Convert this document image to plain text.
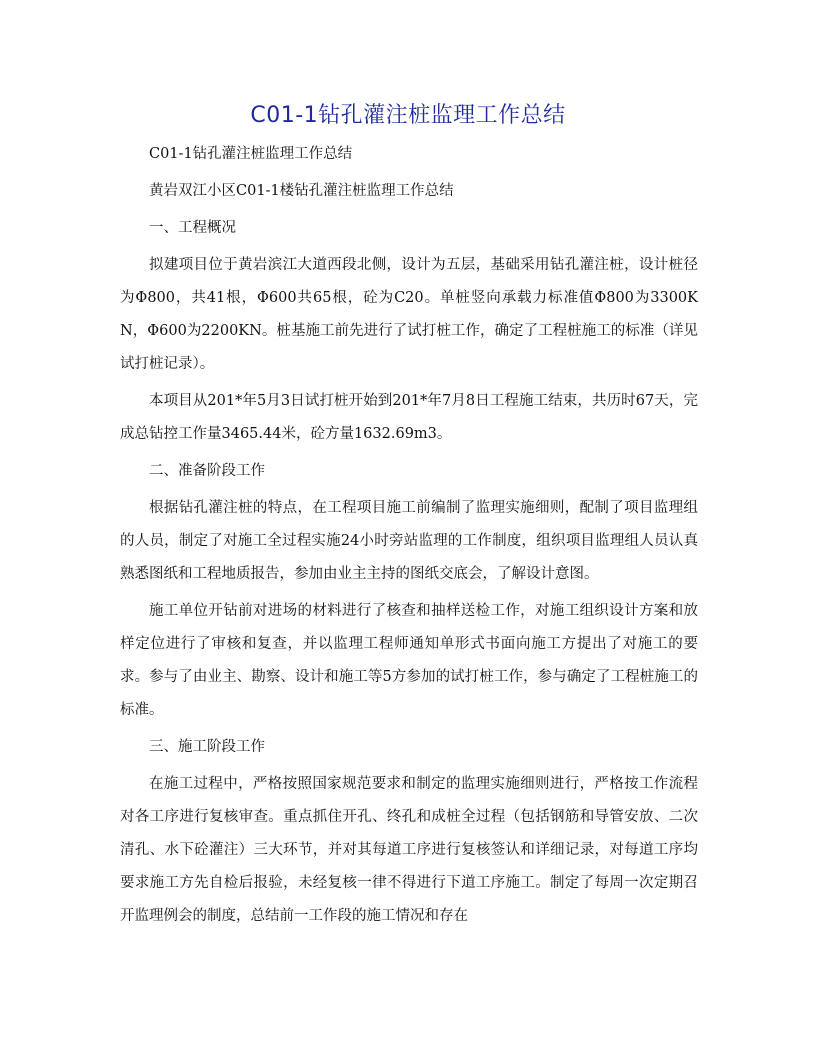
C01-1钻孔灌注桩监理工作总结

C01-1钻孔灌注桩监理工作总结

黄岩双江小区C01-1楼钻孔灌注桩监理工作总结

一、工程概况

拟建项目位于黄岩滨江大道西段北侧，设计为五层，基础采用钻孔灌注桩，设计桩径为Φ800，共41根，Φ600共65根，砼为C20。单桩竖向承载力标准值Φ800为3300KN，Φ600为2200KN。桩基施工前先进行了试打桩工作，确定了工程桩施工的标准（详见试打桩记录）。

本项目从201*年5月3日试打桩开始到201*年7月8日工程施工结束，共历时67天，完成总钻控工作量3465.44米，砼方量1632.69m3。

二、准备阶段工作

根据钻孔灌注桩的特点，在工程项目施工前编制了监理实施细则，配制了项目监理组的人员，制定了对施工全过程实施24小时旁站监理的工作制度，组织项目监理组人员认真熟悉图纸和工程地质报告，参加由业主主持的图纸交底会，了解设计意图。

施工单位开钻前对进场的材料进行了核查和抽样送检工作，对施工组织设计方案和放样定位进行了审核和复查，并以监理工程师通知单形式书面向施工方提出了对施工的要求。参与了由业主、勘察、设计和施工等5方参加的试打桩工作，参与确定了工程桩施工的标准。

三、施工阶段工作

在施工过程中，严格按照国家规范要求和制定的监理实施细则进行，严格按工作流程对各工序进行复核审查。重点抓住开孔、终孔和成桩全过程（包括钢筋和导管安放、二次清孔、水下砼灌注）三大环节，并对其每道工序进行复核签认和详细记录，对每道工序均要求施工方先自检后报验，未经复核一律不得进行下道工序施工。制定了每周一次定期召开监理例会的制度，总结前一工作段的施工情况和存在
